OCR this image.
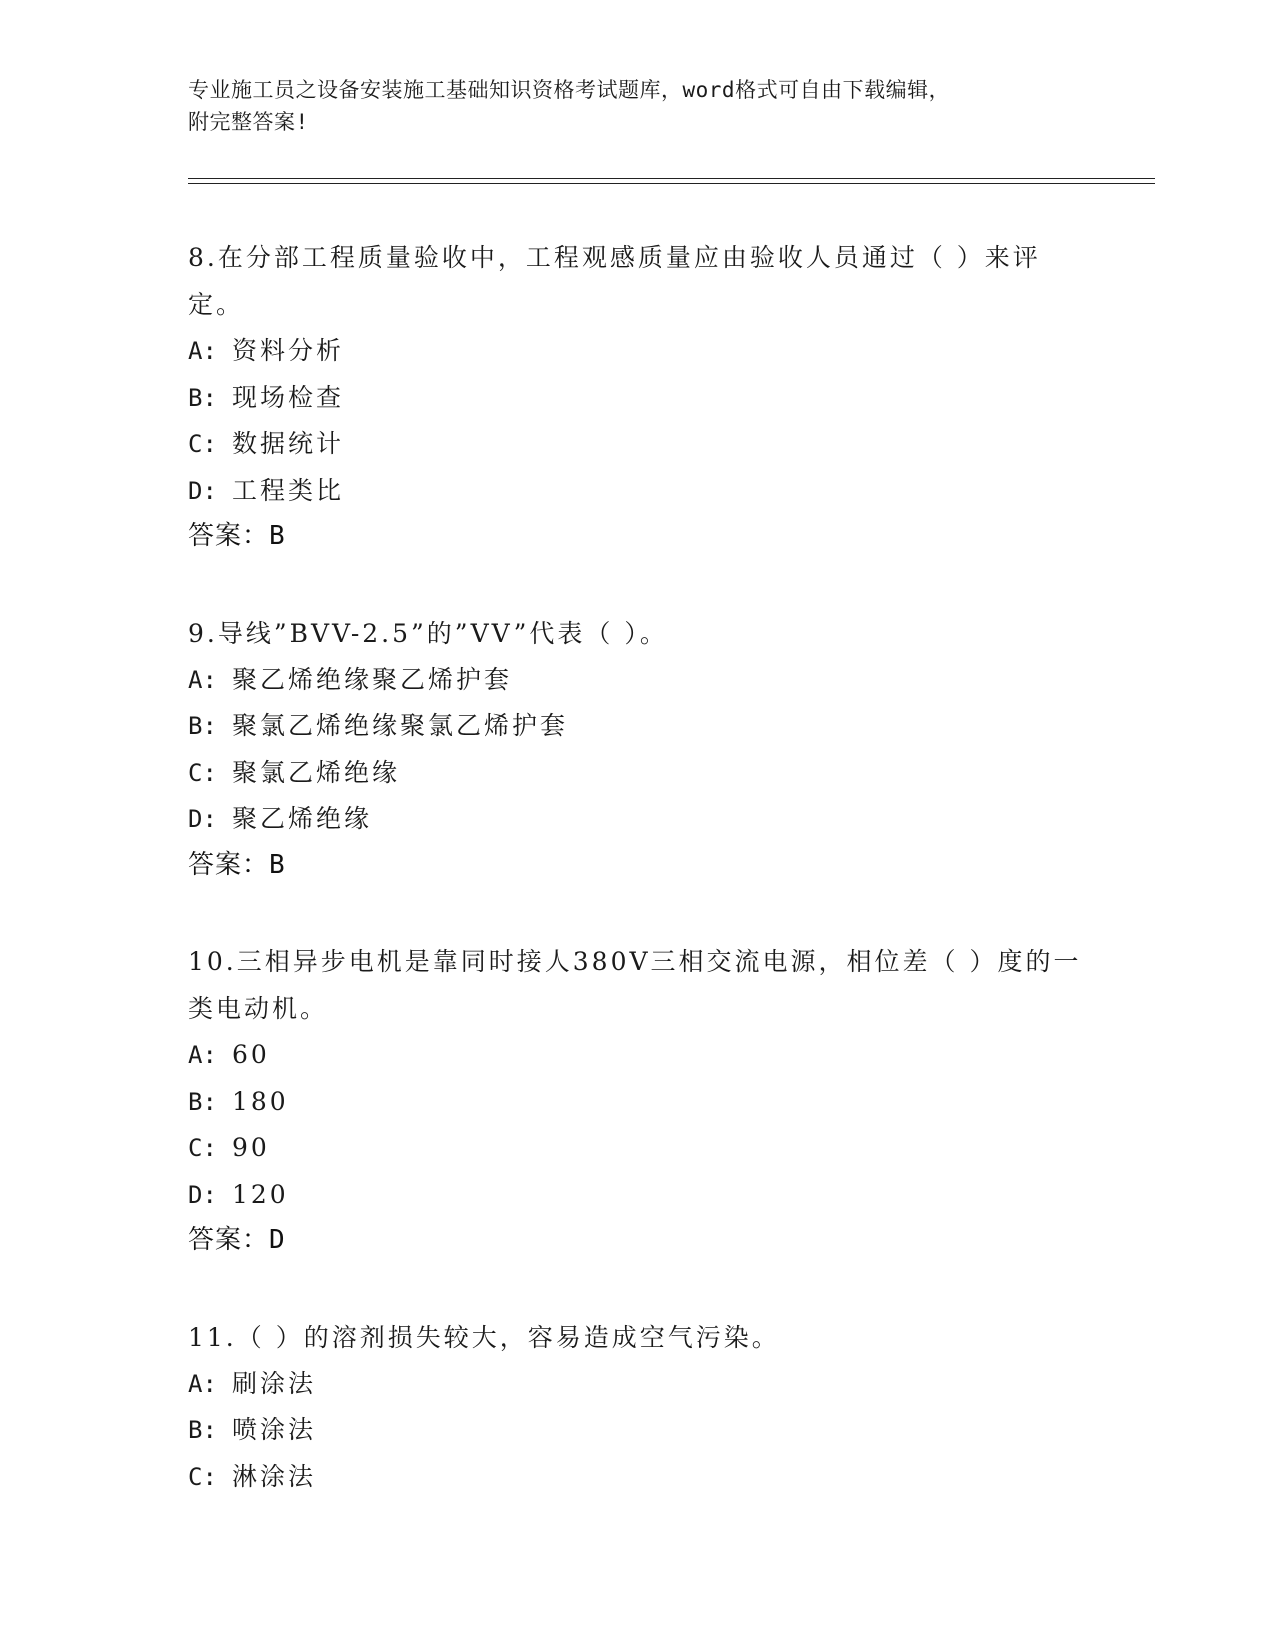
专业施工员之设备安装施工基础知识资格考试题库，word格式可自由下载编辑，
附完整答案!

8.在分部工程质量验收中，工程观感质量应由验收人员通过（ ）来评定。

A: 资料分析

B: 现场检查

C: 数据统计

D: 工程类比

答案：B

9.导线”BVV-2.5”的”VV”代表（ ）。

A: 聚乙烯绝缘聚乙烯护套

B: 聚氯乙烯绝缘聚氯乙烯护套

C: 聚氯乙烯绝缘

D: 聚乙烯绝缘

答案：B

10.三相异步电机是靠同时接人380V三相交流电源，相位差（ ）度的一类电动机。

A: 60

B: 180

C: 90

D: 120

答案：D

11.（ ）的溶剂损失较大，容易造成空气污染。

A: 刷涂法

B: 喷涂法

C: 淋涂法
